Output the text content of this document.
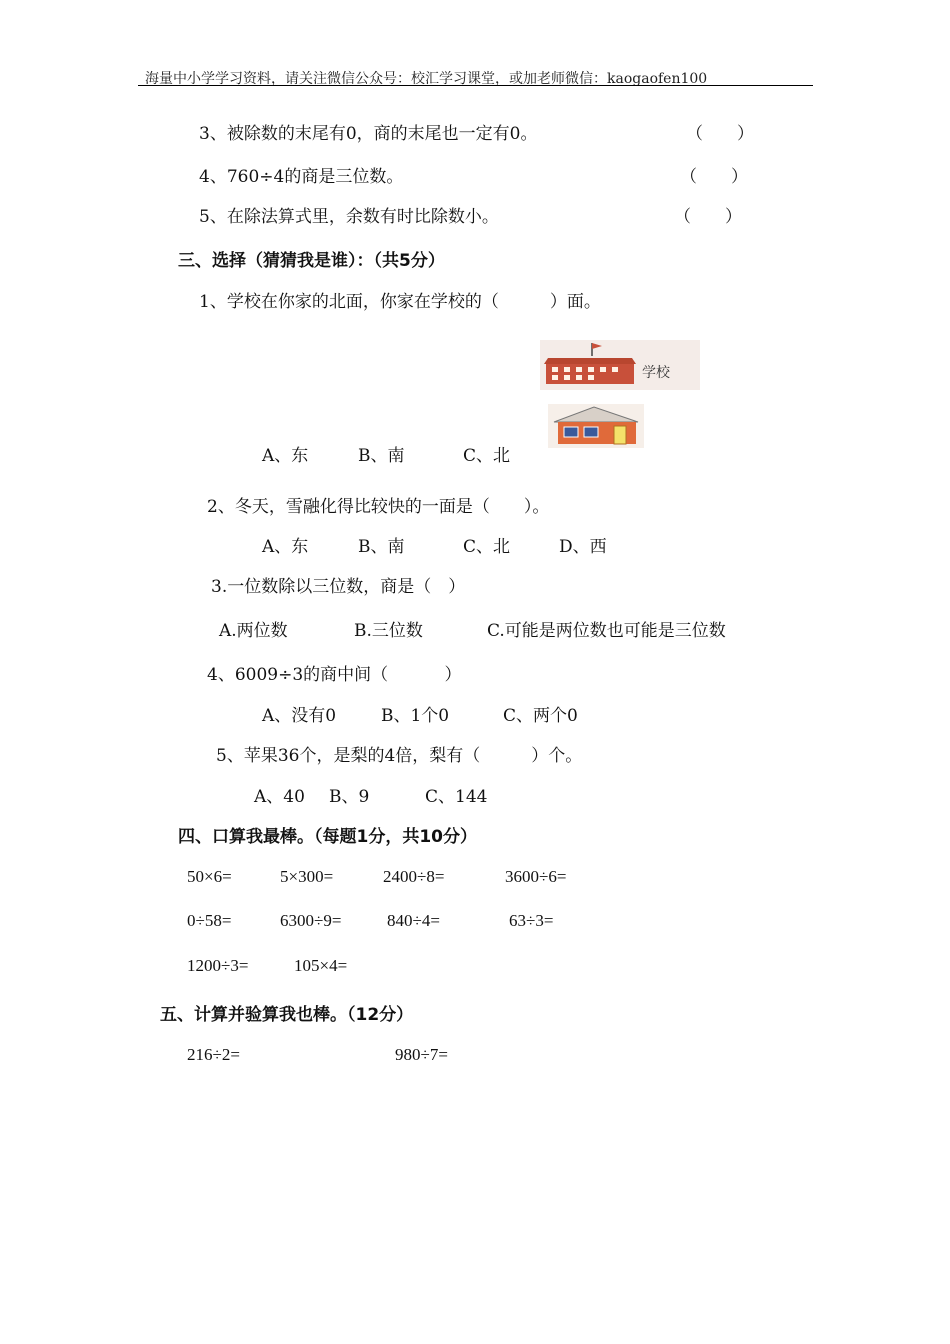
海量中小学学习资料，请关注微信公众号：校汇学习课堂，或加老师微信：kaogaofen100
3、被除数的末尾有0，商的末尾也一定有0。	（　　）
4、760÷4的商是三位数。	（　　）
5、在除法算式里，余数有时比除数小。	（　　）
三、选择（猜猜我是谁）：（共5分）
1、学校在你家的北面，你家在学校的（　　　）面。
学校
A、东	B、南	C、北
2、冬天，雪融化得比较快的一面是（　　）。
A、东	B、南	C、北	D、西
3.一位数除以三位数，商是（　）
A.两位数	B.三位数	C.可能是两位数也可能是三位数
4、6009÷3的商中间（　　　 ）
A、没有0	B、1个0	C、两个0
5、苹果36个，是梨的4倍，梨有（　　　）个。
A、40 B、9	C、144
四、口算我最棒。（每题1分，共10分）
50×6=	5×300=	2400÷8=	3600÷6=
0÷58=	6300÷9=	840÷4=	63÷3=
1200÷3=	105×4=
五、计算并验算我也棒。（12分）
216÷2=	980÷7=
